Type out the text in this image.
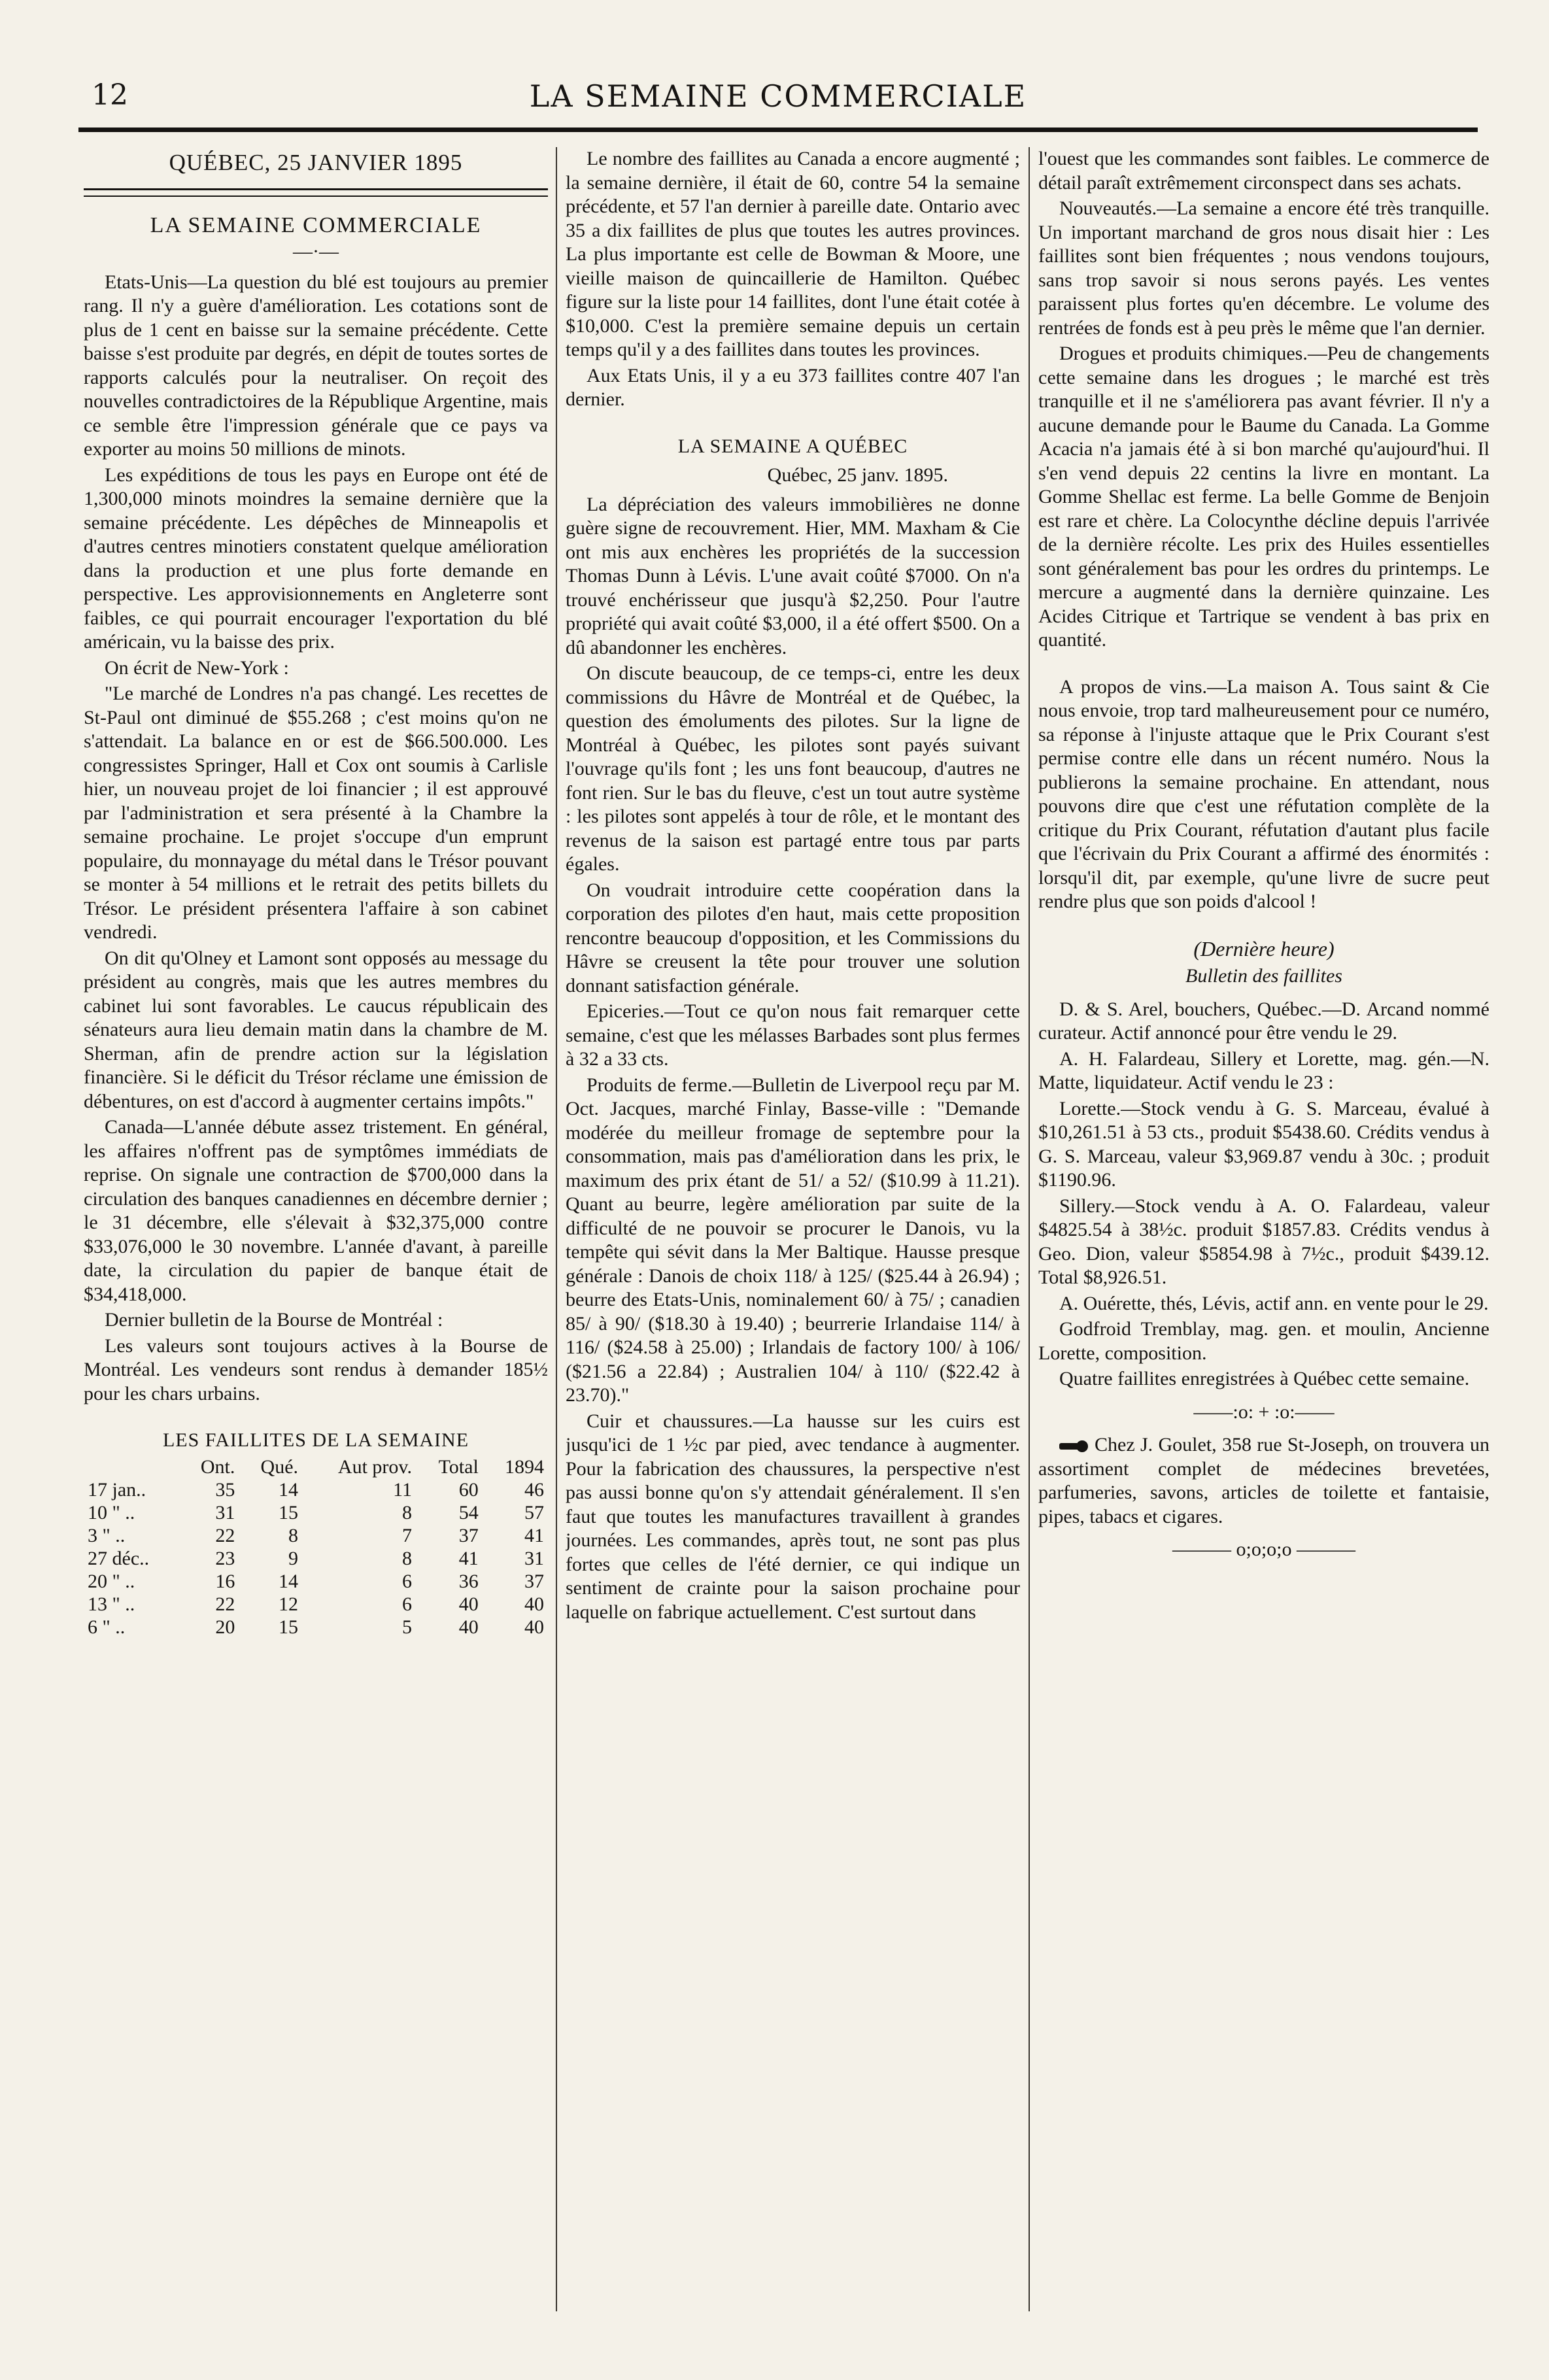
12	LA SEMAINE COMMERCIALE
QUÉBEC, 25 JANVIER 1895
LA SEMAINE COMMERCIALE
—·—

Etats-Unis—La question du blé est toujours au premier rang. Il n'y a guère d'amélioration. Les cotations sont de plus de 1 cent en baisse sur la semaine précédente. Cette baisse s'est produite par degrés, en dépit de toutes sortes de rapports calculés pour la neutraliser. On reçoit des nouvelles contradictoires de la République Argentine, mais ce semble être l'impression générale que ce pays va exporter au moins 50 millions de minots.

Les expéditions de tous les pays en Europe ont été de 1,300,000 minots moindres la semaine dernière que la semaine précédente. Les dépêches de Minneapolis et d'autres centres minotiers constatent quelque amélioration dans la production et une plus forte demande en perspective. Les approvisionnements en Angleterre sont faibles, ce qui pourrait encourager l'exportation du blé américain, vu la baisse des prix.

On écrit de New-York :

"Le marché de Londres n'a pas changé. Les recettes de St-Paul ont diminué de $55.268 ; c'est moins qu'on ne s'attendait. La balance en or est de $66.500.000. Les congressistes Springer, Hall et Cox ont soumis à Carlisle hier, un nouveau projet de loi financier ; il est approuvé par l'administration et sera présenté à la Chambre la semaine prochaine. Le projet s'occupe d'un emprunt populaire, du monnayage du métal dans le Trésor pouvant se monter à 54 millions et le retrait des petits billets du Trésor. Le président présentera l'affaire à son cabinet vendredi.

On dit qu'Olney et Lamont sont opposés au message du président au congrès, mais que les autres membres du cabinet lui sont favorables. Le caucus républicain des sénateurs aura lieu demain matin dans la chambre de M. Sherman, afin de prendre action sur la législation financière. Si le déficit du Trésor réclame une émission de débentures, on est d'accord à augmenter certains impôts."

Canada—L'année débute assez tristement. En général, les affaires n'offrent pas de symptômes immédiats de reprise. On signale une contraction de $700,000 dans la circulation des banques canadiennes en décembre dernier ; le 31 décembre, elle s'élevait à $32,375,000 contre $33,076,000 le 30 novembre. L'année d'avant, à pareille date, la circulation du papier de banque était de $34,418,000.

Dernier bulletin de la Bourse de Montréal :

Les valeurs sont toujours actives à la Bourse de Montréal. Les vendeurs sont rendus à demander 185½ pour les chars urbains.

LES FAILLITES DE LA SEMAINE
	Ont.	Qué.	Aut prov.	Total	1894
17 jan..	35	14	11	60	46
10 " ..	31	15	8	54	57
3 " ..	22	8	7	37	41
27 déc..	23	9	8	41	31
20 " ..	16	14	6	36	37
13 " ..	22	12	6	40	40
6 " ..	20	15	5	40	40

Le nombre des faillites au Canada a encore augmenté ; la semaine dernière, il était de 60, contre 54 la semaine précédente, et 57 l'an dernier à pareille date. Ontario avec 35 a dix faillites de plus que toutes les autres provinces. La plus importante est celle de Bowman & Moore, une vieille maison de quincaillerie de Hamilton. Québec figure sur la liste pour 14 faillites, dont l'une était cotée à $10,000. C'est la première semaine depuis un certain temps qu'il y a des faillites dans toutes les provinces.

Aux Etats Unis, il y a eu 373 faillites contre 407 l'an dernier.

LA SEMAINE A QUÉBEC
Québec, 25 janv. 1895.

La dépréciation des valeurs immobilières ne donne guère signe de recouvrement. Hier, MM. Maxham & Cie ont mis aux enchères les propriétés de la succession Thomas Dunn à Lévis. L'une avait coûté $7000. On n'a trouvé enchérisseur que jusqu'à $2,250. Pour l'autre propriété qui avait coûté $3,000, il a été offert $500. On a dû abandonner les enchères.

On discute beaucoup, de ce temps-ci, entre les deux commissions du Hâvre de Montréal et de Québec, la question des émoluments des pilotes. Sur la ligne de Montréal à Québec, les pilotes sont payés suivant l'ouvrage qu'ils font ; les uns font beaucoup, d'autres ne font rien. Sur le bas du fleuve, c'est un tout autre système : les pilotes sont appelés à tour de rôle, et le montant des revenus de la saison est partagé entre tous par parts égales.

On voudrait introduire cette coopération dans la corporation des pilotes d'en haut, mais cette proposition rencontre beaucoup d'opposition, et les Commissions du Hâvre se creusent la tête pour trouver une solution donnant satisfaction générale.

Epiceries.—Tout ce qu'on nous fait remarquer cette semaine, c'est que les mélasses Barbades sont plus fermes à 32 a 33 cts.

Produits de ferme.—Bulletin de Liverpool reçu par M. Oct. Jacques, marché Finlay, Basse-ville : "Demande modérée du meilleur fromage de septembre pour la consommation, mais pas d'amélioration dans les prix, le maximum des prix étant de 51/ a 52/ ($10.99 à 11.21). Quant au beurre, legère amélioration par suite de la difficulté de ne pouvoir se procurer le Danois, vu la tempête qui sévit dans la Mer Baltique. Hausse presque générale : Danois de choix 118/ à 125/ ($25.44 à 26.94) ; beurre des Etats-Unis, nominalement 60/ à 75/ ; canadien 85/ à 90/ ($18.30 à 19.40) ; beurrerie Irlandaise 114/ à 116/ ($24.58 à 25.00) ; Irlandais de factory 100/ à 106/ ($21.56 a 22.84) ; Australien 104/ à 110/ ($22.42 à 23.70)."

Cuir et chaussures.—La hausse sur les cuirs est jusqu'ici de 1 ½c par pied, avec tendance à augmenter. Pour la fabrication des chaussures, la perspective n'est pas aussi bonne qu'on s'y attendait généralement. Il s'en faut que toutes les manufactures travaillent à grandes journées. Les commandes, après tout, ne sont pas plus fortes que celles de l'été dernier, ce qui indique un sentiment de crainte pour la saison prochaine pour laquelle on fabrique actuellement. C'est surtout dans

l'ouest que les commandes sont faibles. Le commerce de détail paraît extrêmement circonspect dans ses achats.

Nouveautés.—La semaine a encore été très tranquille. Un important marchand de gros nous disait hier : Les faillites sont bien fréquentes ; nous vendons toujours, sans trop savoir si nous serons payés. Les ventes paraissent plus fortes qu'en décembre. Le volume des rentrées de fonds est à peu près le même que l'an dernier.

Drogues et produits chimiques.—Peu de changements cette semaine dans les drogues ; le marché est très tranquille et il ne s'améliorera pas avant février. Il n'y a aucune demande pour le Baume du Canada. La Gomme Acacia n'a jamais été à si bon marché qu'aujourd'hui. Il s'en vend depuis 22 centins la livre en montant. La Gomme Shellac est ferme. La belle Gomme de Benjoin est rare et chère. La Colocynthe décline depuis l'arrivée de la dernière récolte. Les prix des Huiles essentielles sont généralement bas pour les ordres du printemps. Le mercure a augmenté dans la dernière quinzaine. Les Acides Citrique et Tartrique se vendent à bas prix en quantité.

A propos de vins.—La maison A. Tous saint & Cie nous envoie, trop tard malheureusement pour ce numéro, sa réponse à l'injuste attaque que le Prix Courant s'est permise contre elle dans un récent numéro. Nous la publierons la semaine prochaine. En attendant, nous pouvons dire que c'est une réfutation complète de la critique du Prix Courant, réfutation d'autant plus facile que l'écrivain du Prix Courant a affirmé des énormités : lorsqu'il dit, par exemple, qu'une livre de sucre peut rendre plus que son poids d'alcool !

(Dernière heure)
Bulletin des faillites

D. & S. Arel, bouchers, Québec.—D. Arcand nommé curateur. Actif annoncé pour être vendu le 29.

A. H. Falardeau, Sillery et Lorette, mag. gén.—N. Matte, liquidateur. Actif vendu le 23 :

Lorette.—Stock vendu à G. S. Marceau, évalué à $10,261.51 à 53 cts., produit $5438.60. Crédits vendus à G. S. Marceau, valeur $3,969.87 vendu à 30c. ; produit $1190.96.

Sillery.—Stock vendu à A. O. Falardeau, valeur $4825.54 à 38½c. produit $1857.83. Crédits vendus à Geo. Dion, valeur $5854.98 à 7½c., produit $439.12. Total $8,926.51.

A. Ouérette, thés, Lévis, actif ann. en vente pour le 29.

Godfroid Tremblay, mag. gen. et moulin, Ancienne Lorette, composition.

Quatre faillites enregistrées à Québec cette semaine.

——:o: + :o:——

Chez J. Goulet, 358 rue St-Joseph, on trouvera un assortiment complet de médecines brevetées, parfumeries, savons, articles de toilette et fantaisie, pipes, tabacs et cigares.

——— o;o;o;o ———
